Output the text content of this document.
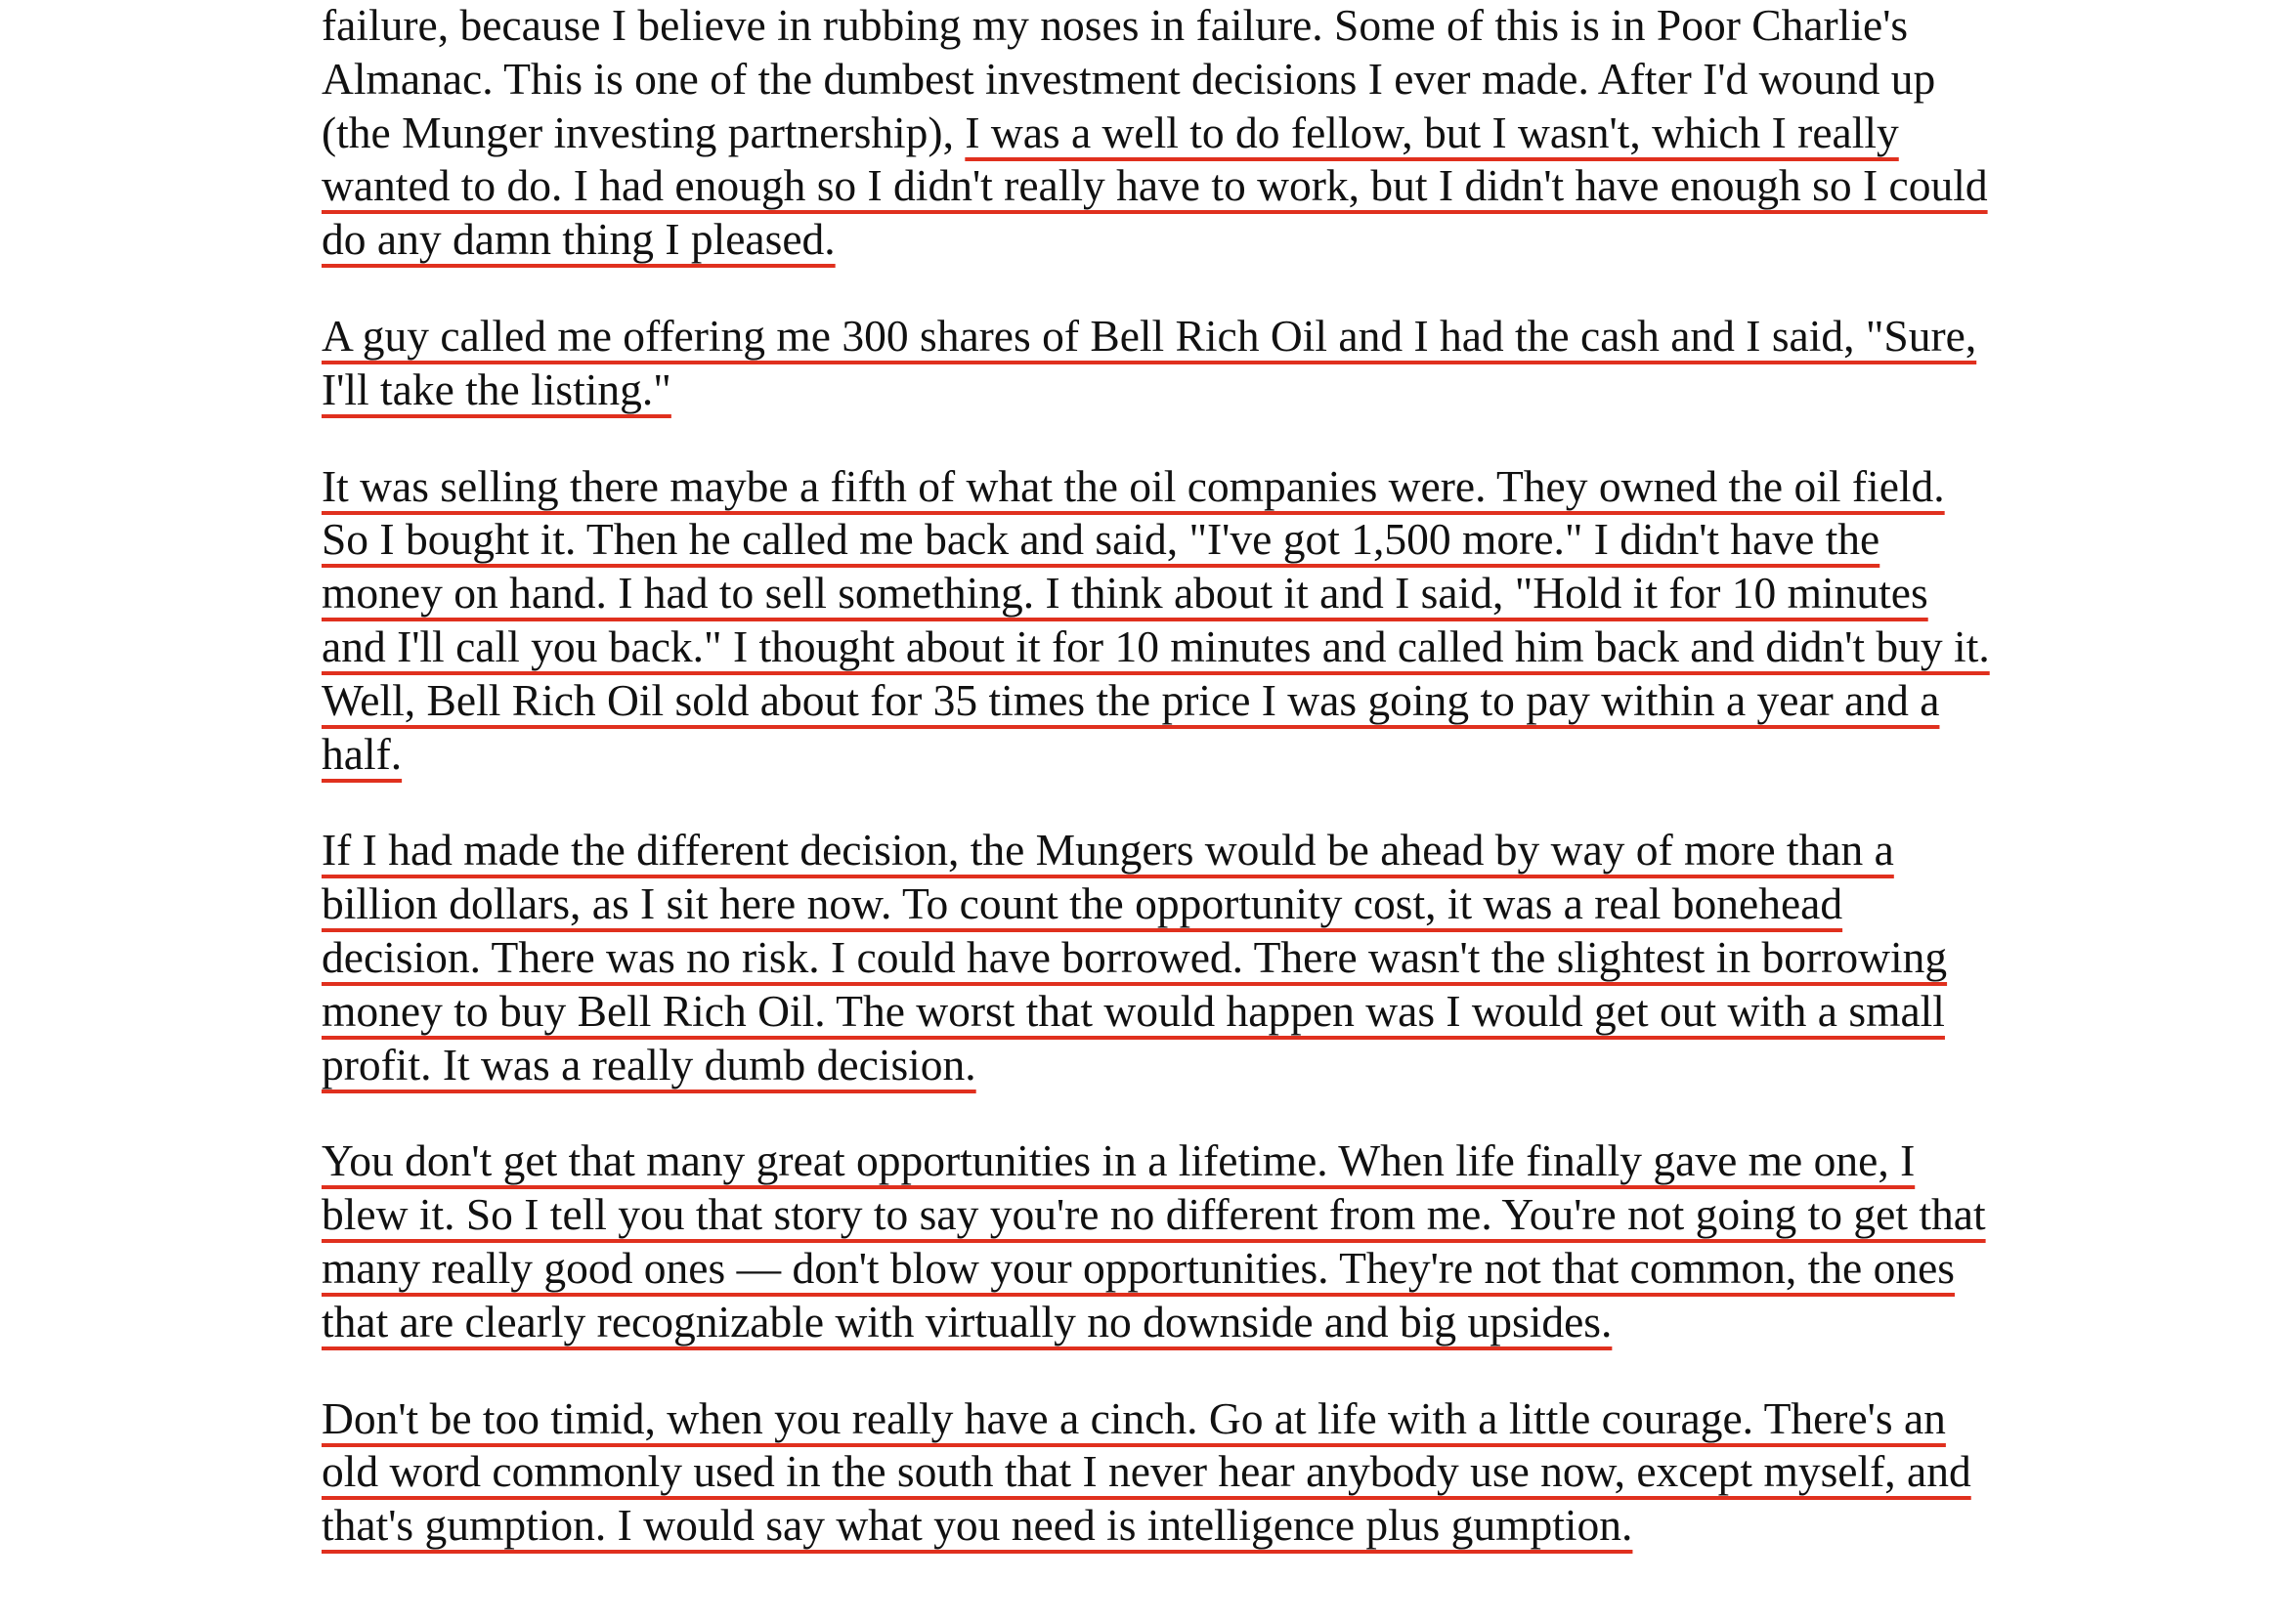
failure, because I believe in rubbing my noses in failure. Some of this is in Poor Charlie's Almanac. This is one of the dumbest investment decisions I ever made. After I'd wound up (the Munger investing partnership), I was a well to do fellow, but I wasn't, which I really wanted to do. I had enough so I didn't really have to work, but I didn't have enough so I could do any damn thing I pleased.

A guy called me offering me 300 shares of Bell Rich Oil and I had the cash and I said, "Sure, I'll take the listing."

It was selling there maybe a fifth of what the oil companies were. They owned the oil field. So I bought it. Then he called me back and said, "I've got 1,500 more." I didn't have the money on hand. I had to sell something. I think about it and I said, "Hold it for 10 minutes and I'll call you back." I thought about it for 10 minutes and called him back and didn't buy it. Well, Bell Rich Oil sold about for 35 times the price I was going to pay within a year and a half.

If I had made the different decision, the Mungers would be ahead by way of more than a billion dollars, as I sit here now. To count the opportunity cost, it was a real bonehead decision. There was no risk. I could have borrowed. There wasn't the slightest in borrowing money to buy Bell Rich Oil. The worst that would happen was I would get out with a small profit. It was a really dumb decision.

You don't get that many great opportunities in a lifetime. When life finally gave me one, I blew it. So I tell you that story to say you're no different from me. You're not going to get that many really good ones — don't blow your opportunities. They're not that common, the ones that are clearly recognizable with virtually no downside and big upsides.

Don't be too timid, when you really have a cinch. Go at life with a little courage. There's an old word commonly used in the south that I never hear anybody use now, except myself, and that's gumption. I would say what you need is intelligence plus gumption.
